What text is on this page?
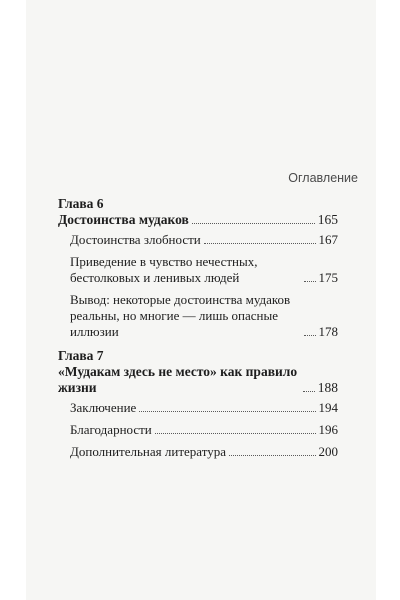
Оглавление
Глава 6
Достоинства мудаков	165
Достоинства злобности	167
Приведение в чувство нечестных, бестолковых и ленивых людей	175
Вывод: некоторые достоинства мудаков реальны, но многие — лишь опасные иллюзии	178
Глава 7
«Мудакам здесь не место» как правило жизни	188
Заключение	194
Благодарности	196
Дополнительная литература	200
